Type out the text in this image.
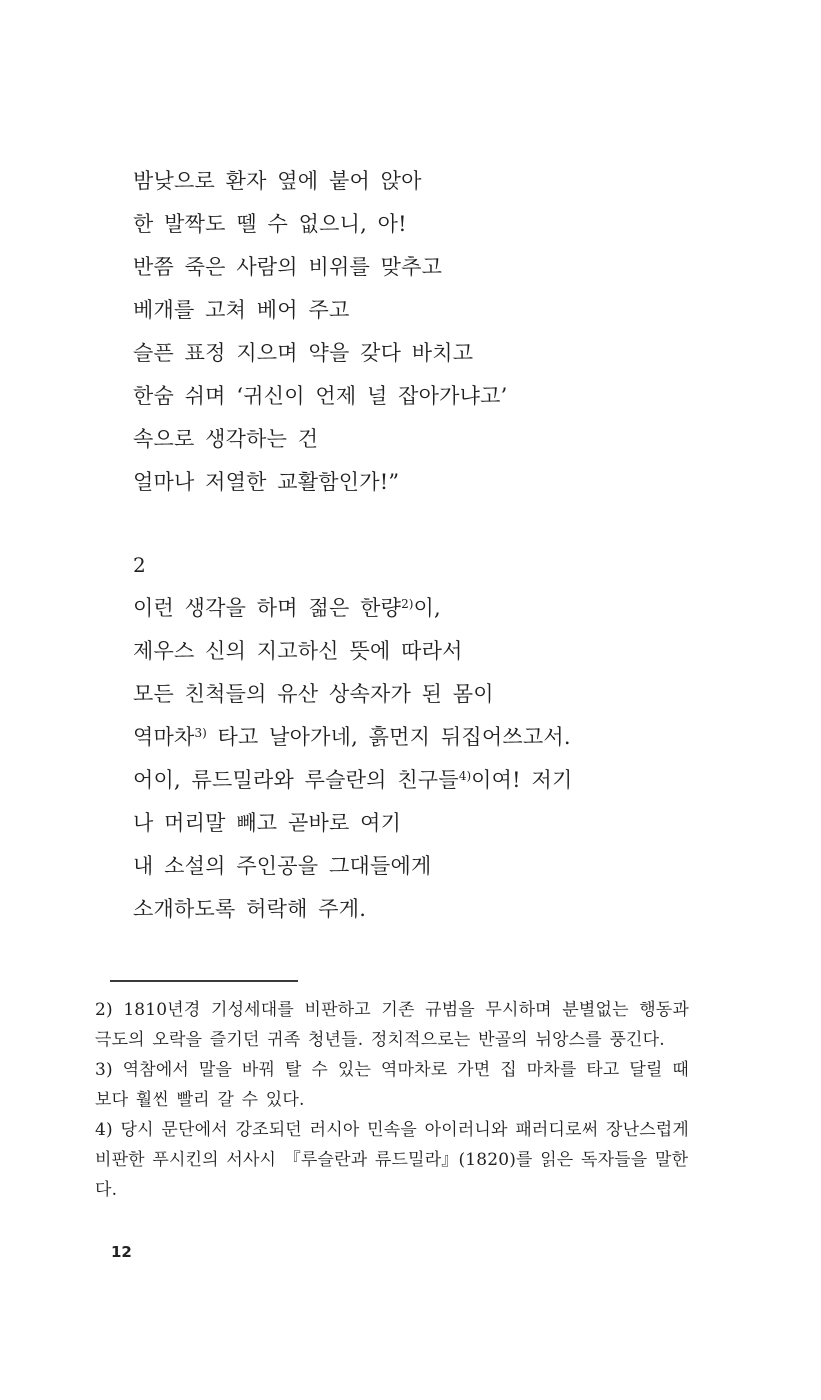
밤낮으로 환자 옆에 붙어 앉아
한 발짝도 뗄 수 없으니, 아!
반쯤 죽은 사람의 비위를 맞추고
베개를 고쳐 베어 주고
슬픈 표정 지으며 약을 갖다 바치고
한숨 쉬며 ‘귀신이 언제 널 잡아가냐고’
속으로 생각하는 건
얼마나 저열한 교활함인가!”
2
이런 생각을 하며 젊은 한량$^{2)}$이,
제우스 신의 지고하신 뜻에 따라서
모든 친척들의 유산 상속자가 된 몸이
역마차$^{3)}$ 타고 날아가네, 흙먼지 뒤집어쓰고서.
어이, 류드밀라와 루슬란의 친구들$^{4)}$이여! 저기
나 머리말 빼고 곧바로 여기
내 소설의 주인공을 그대들에게
소개하도록 허락해 주게.
2) 1810년경 기성세대를 비판하고 기존 규범을 무시하며 분별없는 행동과
극도의 오락을 즐기던 귀족 청년들. 정치적으로는 반골의 뉘앙스를 풍긴다.
3) 역참에서 말을 바꿔 탈 수 있는 역마차로 가면 집 마차를 타고 달릴 때
보다 훨씬 빨리 갈 수 있다.
4) 당시 문단에서 강조되던 러시아 민속을 아이러니와 패러디로써 장난스럽게
비판한 푸시킨의 서사시 『루슬란과 류드밀라』(1820)를 읽은 독자들을 말한다.
12
